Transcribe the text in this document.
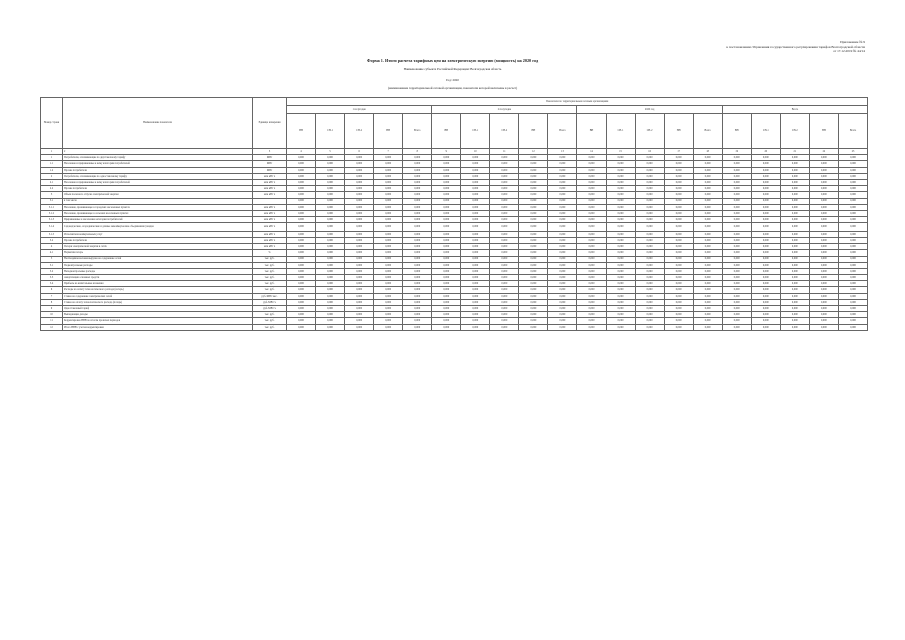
Приложение № 9
к постановлению Управления государственного регулирования тарифов Волгоградской области
от 17.12.2019 № 44/14
Форма 1. Итоги расчета тарифных цен на электрическую энергию (мощность) на 2020 год
Наименование субъекта Российской Федерации: Волгоградская область
Год: 2020
(наименование территориальной сетевой организации, показатели которой включены в расчет)
Номер строки	Наименование показателя	Единица измерения	Показатели по территориальным сетевым организациям																			
			1 полугодие					2 полугодие					2020 год					Всего				
			ВН	СН-1	СН-2	НН	Всего	ВН	СН-1	СН-2	НН	Всего	ВН	СН-1	СН-2	НН	Всего	ВН	СН-1	СН-2	НН	Всего
1	2	3	4	5	6	7	8	9	10	11	12	13	14	15	16	17	18	19	20	21	22	23
1	Потребители, оплачивающие по двуставочному тарифу	МВт	0,000	0,000	0,000	0,000	0,000	0,000	0,000	0,000	0,000	0,000	0,000	0,000	0,000	0,000	0,000	0,000	0,000	0,000	0,000	0,000
1.1	Население и приравненные к нему категории потребителей	МВт	0,000	0,000	0,000	0,000	0,000	0,000	0,000	0,000	0,000	0,000	0,000	0,000	0,000	0,000	0,000	0,000	0,000	0,000	0,000	0,000
1.2	Прочие потребители	МВт	0,000	0,000	0,000	0,000	0,000	0,000	0,000	0,000	0,000	0,000	0,000	0,000	0,000	0,000	0,000	0,000	0,000	0,000	0,000	0,000
2	Потребители, оплачивающие по одноставочному тарифу	млн кВт·ч	0,000	0,000	0,000	0,000	0,000	0,000	0,000	0,000	0,000	0,000	0,000	0,000	0,000	0,000	0,000	0,000	0,000	0,000	0,000	0,000
2.1	Население и приравненные к нему категории потребителей	млн кВт·ч	0,000	0,000	0,000	0,000	0,000	0,000	0,000	0,000	0,000	0,000	0,000	0,000	0,000	0,000	0,000	0,000	0,000	0,000	0,000	0,000
2.2	Прочие потребители	млн кВт·ч	0,000	0,000	0,000	0,000	0,000	0,000	0,000	0,000	0,000	0,000	0,000	0,000	0,000	0,000	0,000	0,000	0,000	0,000	0,000	0,000
3	Объем полезного отпуска электрической энергии	млн кВт·ч	0,000	0,000	0,000	0,000	0,000	0,000	0,000	0,000	0,000	0,000	0,000	0,000	0,000	0,000	0,000	0,000	0,000	0,000	0,000	0,000
3.1	в том числе		0,000	0,000	0,000	0,000	0,000	0,000	0,000	0,000	0,000	0,000	0,000	0,000	0,000	0,000	0,000	0,000	0,000	0,000	0,000	0,000
3.1.1	Население, проживающее в городских населенных пунктах	млн кВт·ч	0,000	0,000	0,000	0,000	0,000	0,000	0,000	0,000	0,000	0,000	0,000	0,000	0,000	0,000	0,000	0,000	0,000	0,000	0,000	0,000
3.1.2	Население, проживающее в сельских населенных пунктах	млн кВт·ч	0,000	0,000	0,000	0,000	0,000	0,000	0,000	0,000	0,000	0,000	0,000	0,000	0,000	0,000	0,000	0,000	0,000	0,000	0,000	0,000
3.1.3	Приравненные к населению категории потребителей	млн кВт·ч	0,000	0,000	0,000	0,000	0,000	0,000	0,000	0,000	0,000	0,000	0,000	0,000	0,000	0,000	0,000	0,000	0,000	0,000	0,000	0,000
3.1.4	Садоводческие, огороднические и дачные некоммерческие объединения граждан	млн кВт·ч	0,000	0,000	0,000	0,000	0,000	0,000	0,000	0,000	0,000	0,000	0,000	0,000	0,000	0,000	0,000	0,000	0,000	0,000	0,000	0,000
3.1.5	Исполнители коммунальных услуг	млн кВт·ч	0,000	0,000	0,000	0,000	0,000	0,000	0,000	0,000	0,000	0,000	0,000	0,000	0,000	0,000	0,000	0,000	0,000	0,000	0,000	0,000
3.2	Прочие потребители	млн кВт·ч	0,000	0,000	0,000	0,000	0,000	0,000	0,000	0,000	0,000	0,000	0,000	0,000	0,000	0,000	0,000	0,000	0,000	0,000	0,000	0,000
4	Потери электрической энергии в сетях	млн кВт·ч	0,000	0,000	0,000	0,000	0,000	0,000	0,000	0,000	0,000	0,000	0,000	0,000	0,000	0,000	0,000	0,000	0,000	0,000	0,000	0,000
4.1	Норматив потерь	%	0,000	0,000	0,000	0,000	0,000	0,000	0,000	0,000	0,000	0,000	0,000	0,000	0,000	0,000	0,000	0,000	0,000	0,000	0,000	0,000
5	Необходимая валовая выручка на содержание сетей	тыс. руб.	0,000	0,000	0,000	0,000	0,000	0,000	0,000	0,000	0,000	0,000	0,000	0,000	0,000	0,000	0,000	0,000	0,000	0,000	0,000	0,000
5.1	Подконтрольные расходы	тыс. руб.	0,000	0,000	0,000	0,000	0,000	0,000	0,000	0,000	0,000	0,000	0,000	0,000	0,000	0,000	0,000	0,000	0,000	0,000	0,000	0,000
5.2	Неподконтрольные расходы	тыс. руб.	0,000	0,000	0,000	0,000	0,000	0,000	0,000	0,000	0,000	0,000	0,000	0,000	0,000	0,000	0,000	0,000	0,000	0,000	0,000	0,000
5.3	Амортизация основных средств	тыс. руб.	0,000	0,000	0,000	0,000	0,000	0,000	0,000	0,000	0,000	0,000	0,000	0,000	0,000	0,000	0,000	0,000	0,000	0,000	0,000	0,000
5.4	Прибыль на капитальные вложения	тыс. руб.	0,000	0,000	0,000	0,000	0,000	0,000	0,000	0,000	0,000	0,000	0,000	0,000	0,000	0,000	0,000	0,000	0,000	0,000	0,000	0,000
6	Расходы на оплату технологического расхода (потерь)	тыс. руб.	0,000	0,000	0,000	0,000	0,000	0,000	0,000	0,000	0,000	0,000	0,000	0,000	0,000	0,000	0,000	0,000	0,000	0,000	0,000	0,000
7	Ставка на содержание электрических сетей	руб./МВт·мес.	0,000	0,000	0,000	0,000	0,000	0,000	0,000	0,000	0,000	0,000	0,000	0,000	0,000	0,000	0,000	0,000	0,000	0,000	0,000	0,000
8	Ставка на оплату технологического расхода (потерь)	руб./МВт·ч	0,000	0,000	0,000	0,000	0,000	0,000	0,000	0,000	0,000	0,000	0,000	0,000	0,000	0,000	0,000	0,000	0,000	0,000	0,000	0,000
9	Одноставочный тариф	руб./МВт·ч	0,000	0,000	0,000	0,000	0,000	0,000	0,000	0,000	0,000	0,000	0,000	0,000	0,000	0,000	0,000	0,000	0,000	0,000	0,000	0,000
10	Выпадающие доходы	тыс. руб.	0,000	0,000	0,000	0,000	0,000	0,000	0,000	0,000	0,000	0,000	0,000	0,000	0,000	0,000	0,000	0,000	0,000	0,000	0,000	0,000
11	Корректировка НВВ по итогам прошлых периодов	тыс. руб.	0,000	0,000	0,000	0,000	0,000	0,000	0,000	0,000	0,000	0,000	0,000	0,000	0,000	0,000	0,000	0,000	0,000	0,000	0,000	0,000
12	Итого НВВ с учетом корректировки	тыс. руб.	0,000	0,000	0,000	0,000	0,000	0,000	0,000	0,000	0,000	0,000	0,000	0,000	0,000	0,000	0,000	0,000	0,000	0,000	0,000	0,000
